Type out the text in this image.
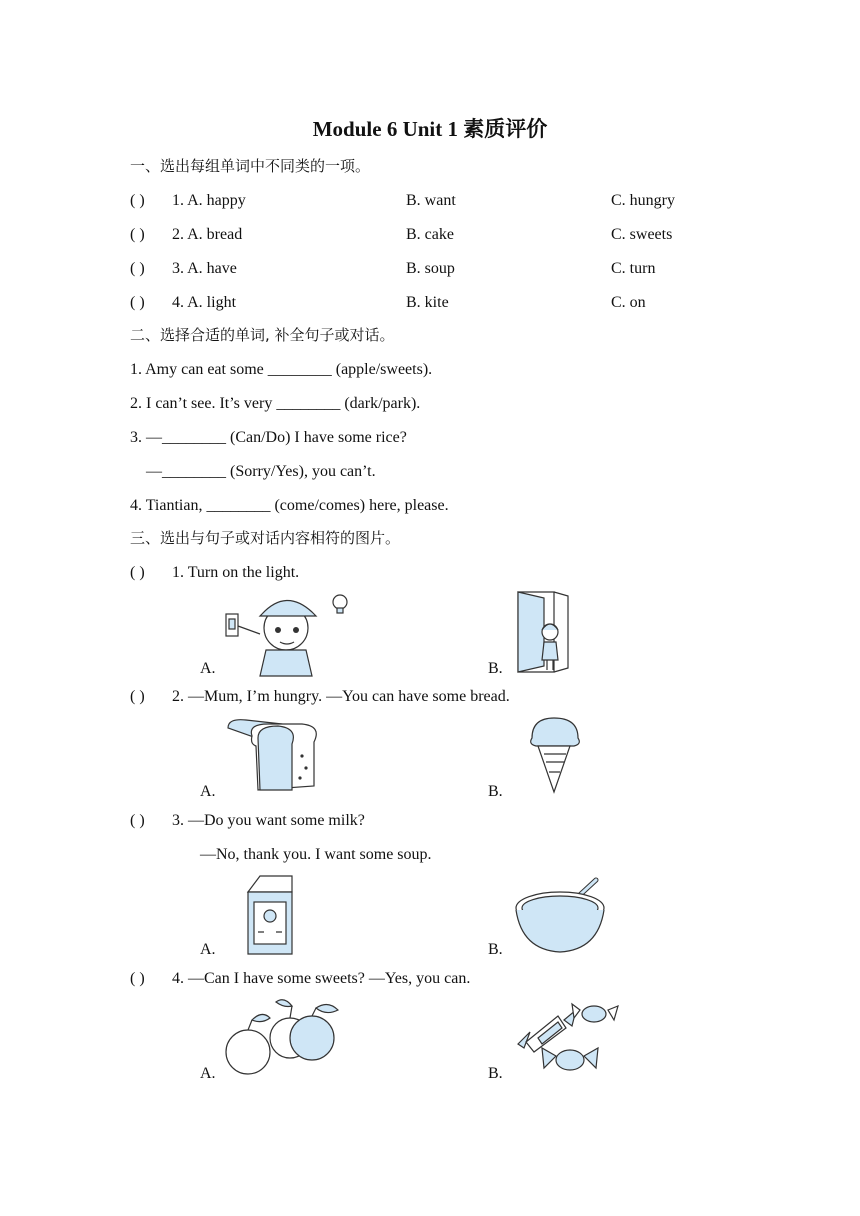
Module 6 Unit 1 素质评价
一、选出每组单词中不同类的一项。
( ) 1. A. happy	B. want	C. hungry
( ) 2. A. bread	B. cake	C. sweets
( ) 3. A. have	B. soup	C. turn
( ) 4. A. light	B. kite	C. on
二、选择合适的单词, 补全句子或对话。
1. Amy can eat some ________ (apple/sweets).
2. I can’t see. It’s very ________ (dark/park).
3. —________ (Can/Do) I have some rice?
—________ (Sorry/Yes), you can’t.
4. Tiantian, ________ (come/comes) here, please.
三、选出与句子或对话内容相符的图片。
( ) 1. Turn on the light.
A.	B.
( ) 2. —Mum, I’m hungry. —You can have some bread.
A.	B.
( ) 3. —Do you want some milk?
—No, thank you. I want some soup.
A.	B.
( ) 4. —Can I have some sweets? —Yes, you can.
A.	B.
